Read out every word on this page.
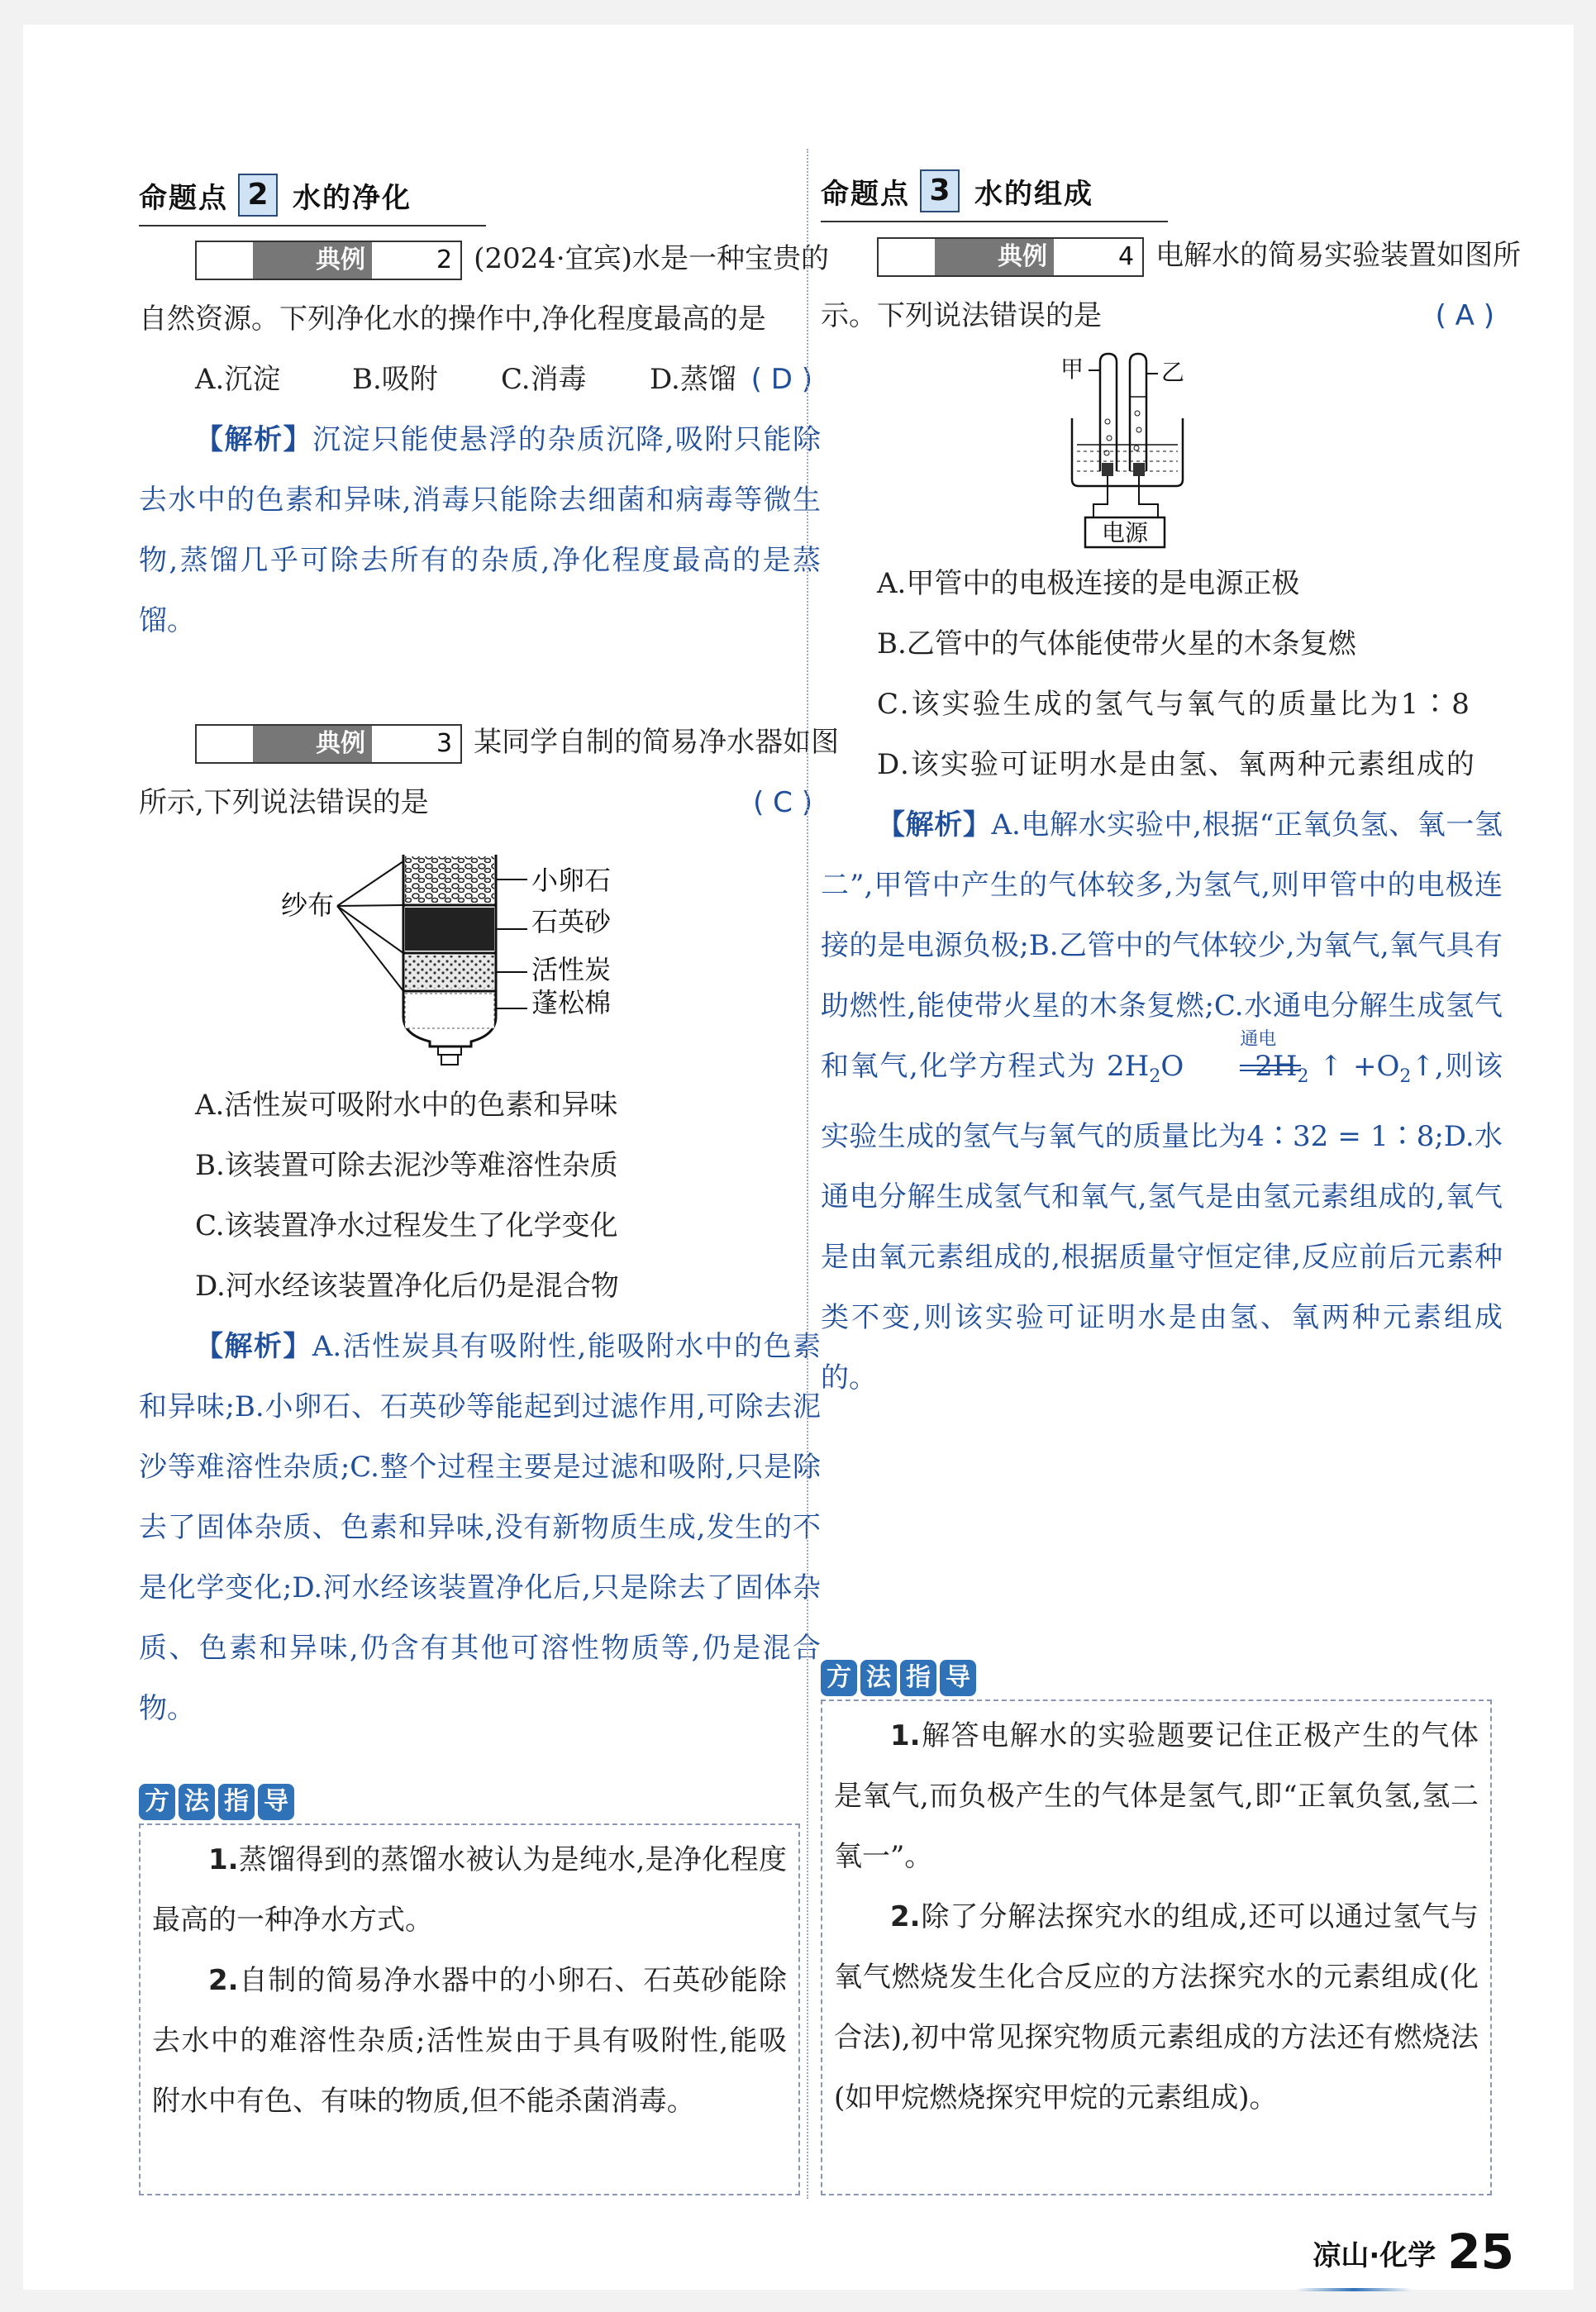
命题点 2 水的净化
典例	2 (2024·宜宾)水是一种宝贵的
自然资源。下列净化水的操作中,净化程度最高的是
( D )
A.沉淀	B.吸附 C.消毒 D.蒸馏
【解析】沉淀只能使悬浮的杂质沉降,吸附只能除去水中的色素和异味,消毒只能除去细菌和病毒等微生物,蒸馏几乎可除去所有的杂质,净化程度最高的是蒸馏。
典例	3 某同学自制的简易净水器如图
所示,下列说法错误的是	( C )
纱布
小卵石
石英砂
活性炭
蓬松棉
A.活性炭可吸附水中的色素和异味
B.该装置可除去泥沙等难溶性杂质
C.该装置净水过程发生了化学变化
D.河水经该装置净化后仍是混合物
【解析】A.活性炭具有吸附性,能吸附水中的色素和异味;B.小卵石、石英砂等能起到过滤作用,可除去泥沙等难溶性杂质;C.整个过程主要是过滤和吸附,只是除去了固体杂质、色素和异味,没有新物质生成,发生的不是化学变化;D.河水经该装置净化后,只是除去了固体杂质、色素和异味,仍含有其他可溶性物质等,仍是混合物。
方 法 指 导

1.蒸馏得到的蒸馏水被认为是纯水,是净化程度最高的一种净水方式。

2.自制的简易净水器中的小卵石、石英砂能除去水中的难溶性杂质;活性炭由于具有吸附性,能吸附水中有色、有味的物质,但不能杀菌消毒。

命题点 3 水的组成
典例	4 电解水的简易实验装置如图所
示。下列说法错误的是	( A )
甲	乙
电源
A.甲管中的电极连接的是电源正极
B.乙管中的气体能使带火星的木条复燃
C.该实验生成的氢气与氧气的质量比为1∶8
D.该实验可证明水是由氢、氧两种元素组成的
【解析】A.电解水实验中,根据“正氧负氢、氧一氢二”,甲管中产生的气体较多,为氢气,则甲管中的电极连接的是电源负极;B.乙管中的气体较少,为氧气,氧气具有助燃性,能使带火星的木条复燃;C.水通电分解生成氢气和氧气,化学方程式为 $2H_2O$
通电
$2H_2$ ↑ $+O_2↑$,则该实验生成的氢气与氧气的质量比为4∶32 = 1∶8;D.水通电分解生成氢气和氧气,氢气是由氢元素组成的,氧气是由氧元素组成的,根据质量守恒定律,反应前后元素种类不变,则该实验可证明水是由氢、氧两种元素组成的。
方 法 指 导

1.解答电解水的实验题要记住正极产生的气体是氧气,而负极产生的气体是氢气,即“正氧负氢,氢二氧一”。

2.除了分解法探究水的组成,还可以通过氢气与氧气燃烧发生化合反应的方法探究水的元素组成(化合法),初中常见探究物质元素组成的方法还有燃烧法(如甲烷燃烧探究甲烷的元素组成)。

凉山·化学 25
